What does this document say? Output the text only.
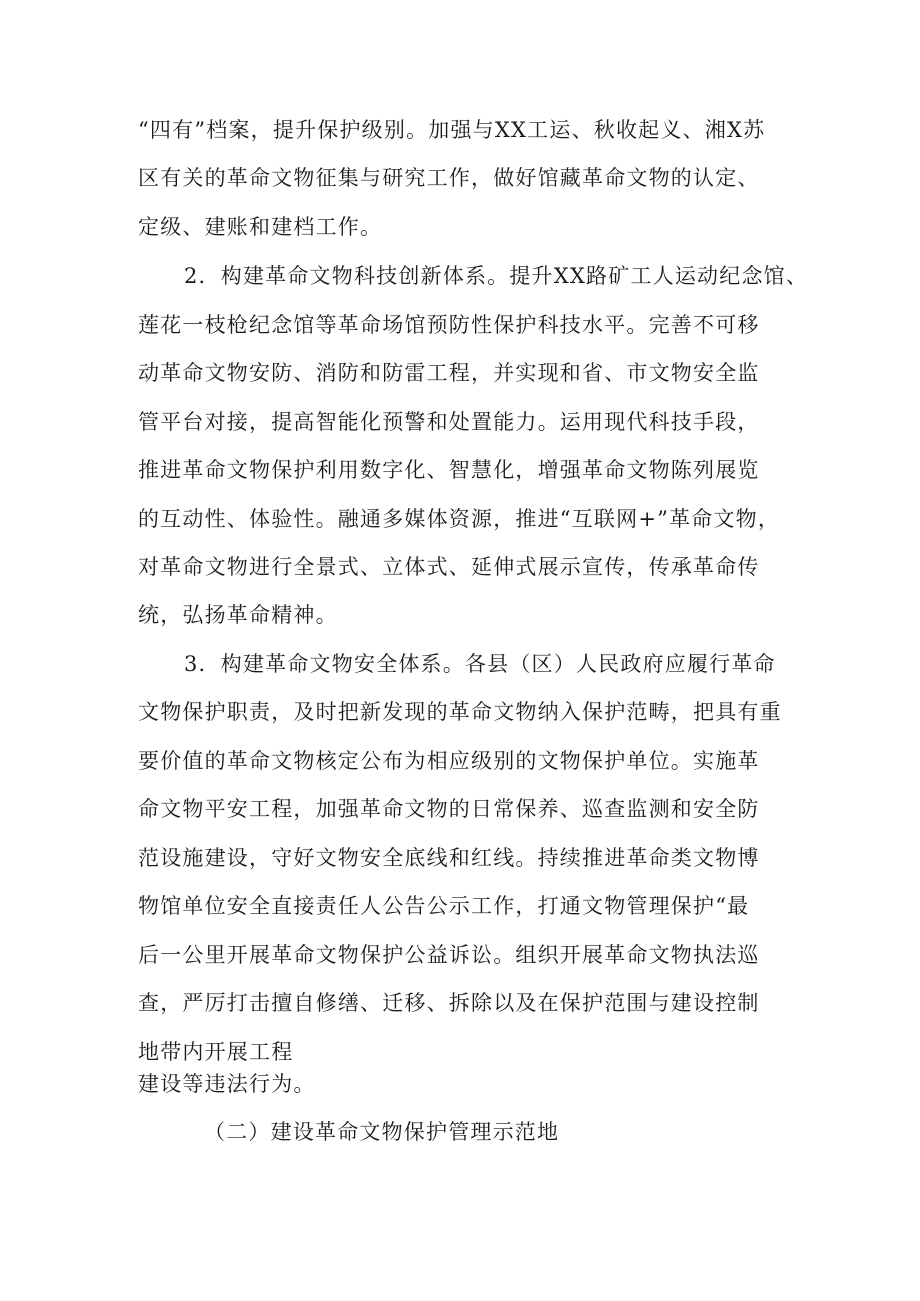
“四有”档案，提升保护级别。加强与XX工运、秋收起义、湘X苏
区有关的革命文物征集与研究工作，做好馆藏革命文物的认定、
定级、建账和建档工作。
2．构建革命文物科技创新体系。提升XX路矿工人运动纪念馆、
莲花一枝枪纪念馆等革命场馆预防性保护科技水平。完善不可移
动革命文物安防、消防和防雷工程，并实现和省、市文物安全监
管平台对接，提高智能化预警和处置能力。运用现代科技手段，
推进革命文物保护利用数字化、智慧化，增强革命文物陈列展览
的互动性、体验性。融通多媒体资源，推进“互联网+”革命文物，
对革命文物进行全景式、立体式、延伸式展示宣传，传承革命传
统，弘扬革命精神。
3．构建革命文物安全体系。各县（区）人民政府应履行革命
文物保护职责，及时把新发现的革命文物纳入保护范畴，把具有重
要价值的革命文物核定公布为相应级别的文物保护单位。实施革
命文物平安工程，加强革命文物的日常保养、巡查监测和安全防
范设施建设，守好文物安全底线和红线。持续推进革命类文物博
物馆单位安全直接责任人公告公示工作，打通文物管理保护“最
后一公里开展革命文物保护公益诉讼。组织开展革命文物执法巡
查，严厉打击擅自修缮、迁移、拆除以及在保护范围与建设控制
地带内开展工程
建设等违法行为。
（二）建设革命文物保护管理示范地
